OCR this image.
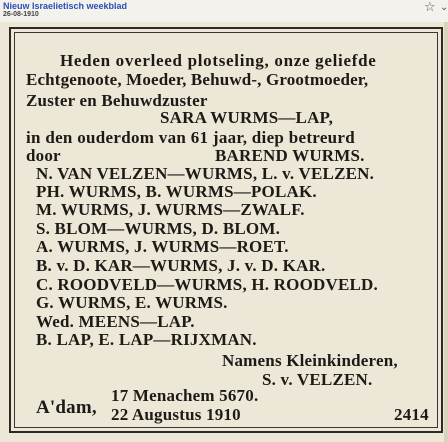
Nieuw Israelietisch weekblad
26-08-1910	☆ ⌄
Heden overleed plotseling, onze geliefde
Echtgenoote, Moeder, Behuwd-, Grootmoeder,
Zuster en Behuwdzuster
SARA WURMS—LAP,
in den ouderdom van 61 jaar, diep betreurd
door	BAREND WURMS.
N. VAN VELZEN—WURMS, L. v. VELZEN.
PH. WURMS, B. WURMS—POLAK.
M. WURMS, J. WURMS—ZWALF.
S. BLOM—WURMS, D. BLOM.
A. WURMS, J. WURMS—ROET.
B. v. D. KAR—WURMS, J. v. D. KAR.
C. ROODVELD—WURMS, H. ROODVELD.
G. WURMS, E. WURMS.
Wed. MEENS—LAP.
B. LAP, E. LAP—RIJXMAN.
Namens Kleinkinderen,
S. v. VELZEN.
A'dam,
17 Menachem 5670.
22 Augustus 1910	2414
